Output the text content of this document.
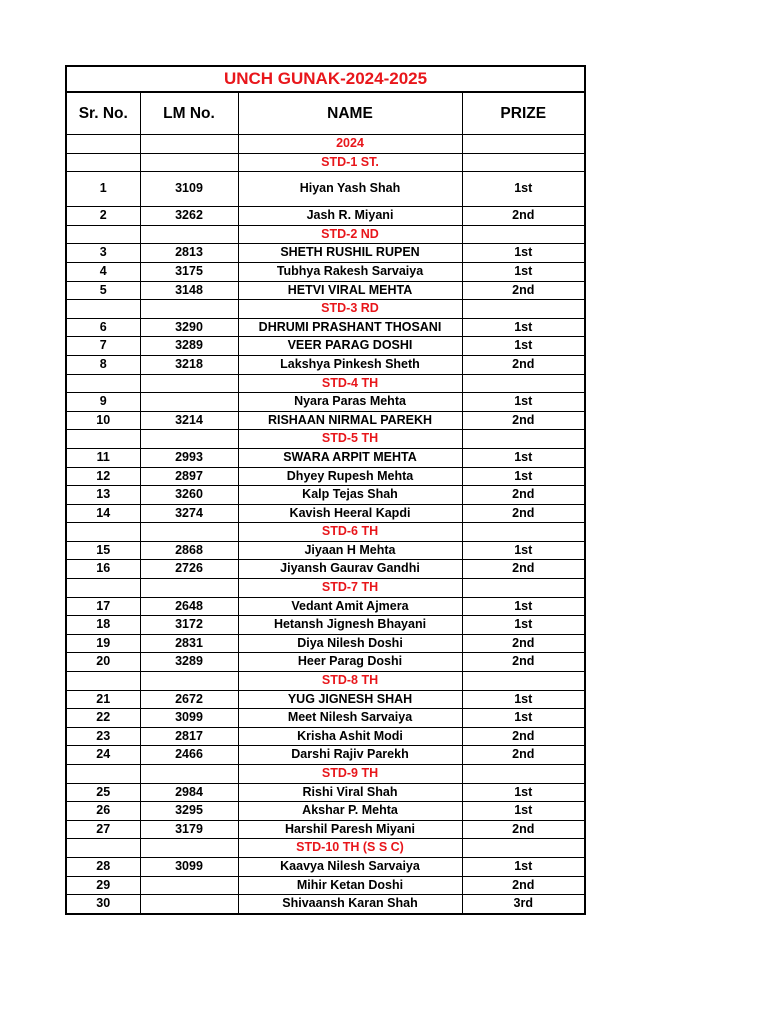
UNCH GUNAK-2024-2025			
Sr. No.	LM No.	NAME	PRIZE
		2024	
		STD-1 ST.	
1	3109	Hiyan Yash Shah	1st
2	3262	Jash R. Miyani	2nd
		STD-2 ND	
3	2813	SHETH RUSHIL RUPEN	1st
4	3175	Tubhya Rakesh Sarvaiya	1st
5	3148	HETVI VIRAL MEHTA	2nd
		STD-3 RD	
6	3290	DHRUMI PRASHANT THOSANI	1st
7	3289	VEER PARAG DOSHI	1st
8	3218	Lakshya Pinkesh Sheth	2nd
		STD-4 TH	
9		Nyara Paras Mehta	1st
10	3214	RISHAAN NIRMAL PAREKH	2nd
		STD-5 TH	
11	2993	SWARA ARPIT MEHTA	1st
12	2897	Dhyey Rupesh Mehta	1st
13	3260	Kalp Tejas Shah	2nd
14	3274	Kavish Heeral Kapdi	2nd
		STD-6 TH	
15	2868	Jiyaan H Mehta	1st
16	2726	Jiyansh Gaurav Gandhi	2nd
		STD-7 TH	
17	2648	Vedant Amit Ajmera	1st
18	3172	Hetansh Jignesh Bhayani	1st
19	2831	Diya Nilesh Doshi	2nd
20	3289	Heer Parag Doshi	2nd
		STD-8 TH	
21	2672	YUG JIGNESH SHAH	1st
22	3099	Meet Nilesh Sarvaiya	1st
23	2817	Krisha Ashit Modi	2nd
24	2466	Darshi Rajiv Parekh	2nd
		STD-9 TH	
25	2984	Rishi Viral Shah	1st
26	3295	Akshar P. Mehta	1st
27	3179	Harshil Paresh Miyani	2nd
		STD-10 TH (S S C)	
28	3099	Kaavya Nilesh Sarvaiya	1st
29		Mihir Ketan Doshi	2nd
30		Shivaansh Karan Shah	3rd
